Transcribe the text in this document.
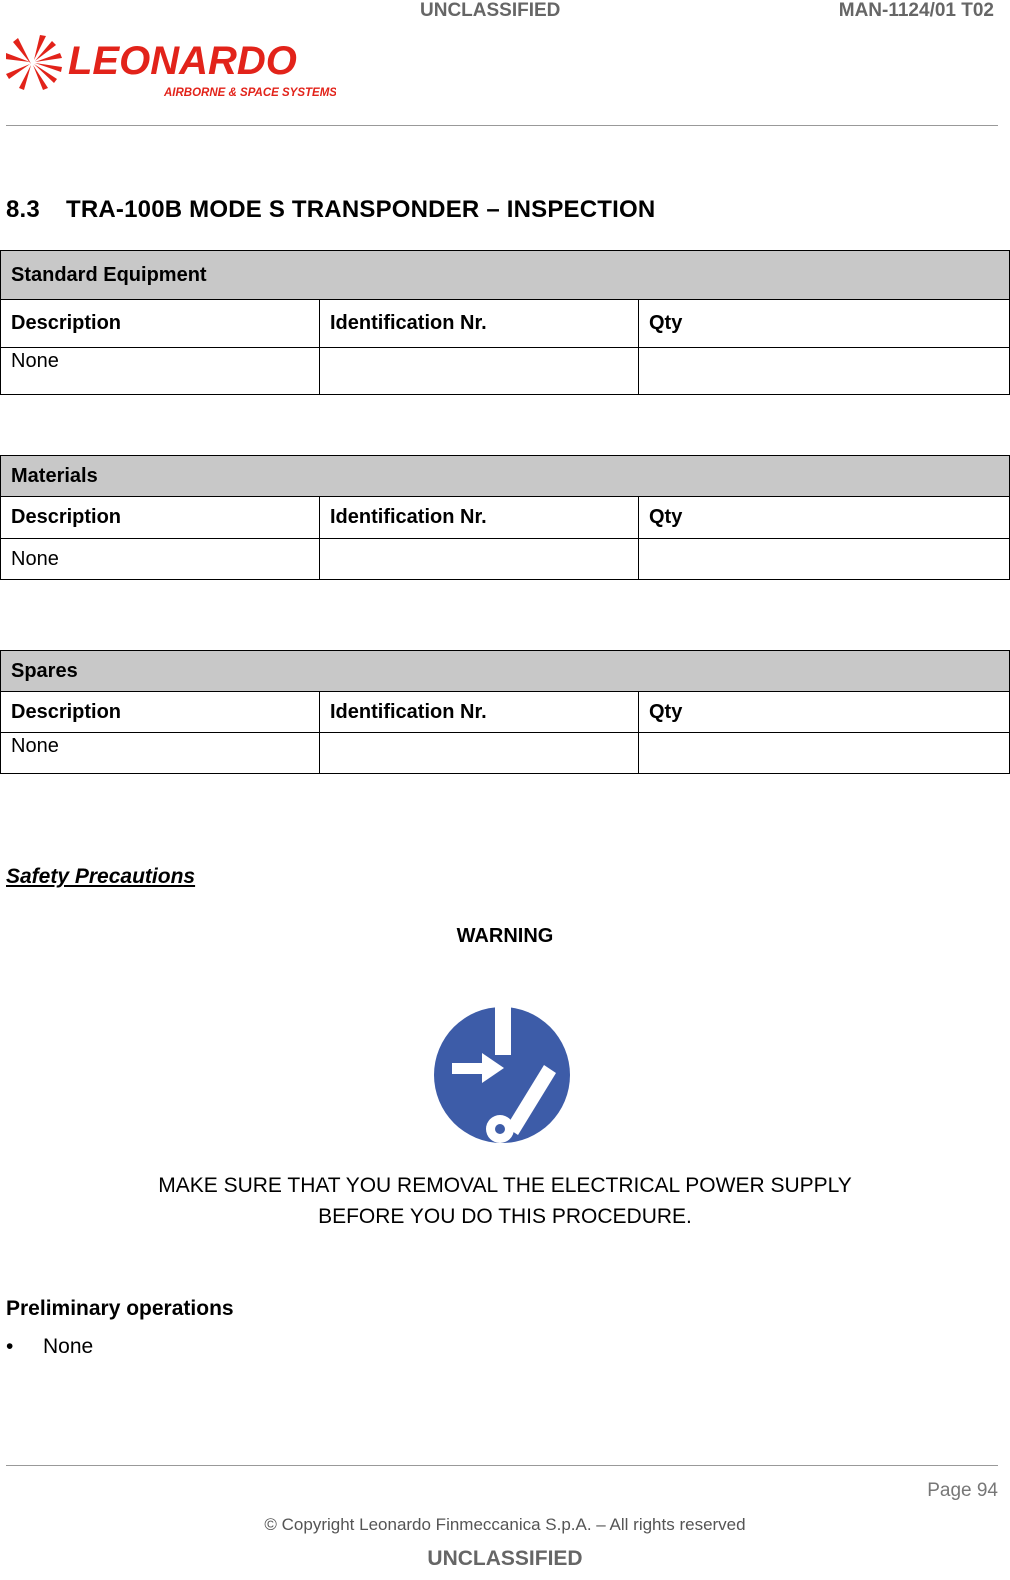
UNCLASSIFIED	MAN-1124/01 T02
LEONARDO
AIRBORNE & SPACE SYSTEMS
8.3 TRA-100B MODE S TRANSPONDER – INSPECTION
Standard Equipment		
Description	Identification Nr.	Qty
None		
Materials		
Description	Identification Nr.	Qty
None		
Spares		
Description	Identification Nr.	Qty
None		
Safety Precautions
WARNING
MAKE SURE THAT YOU REMOVAL THE ELECTRICAL POWER SUPPLY
BEFORE YOU DO THIS PROCEDURE.
Preliminary operations
• None
Page 94
© Copyright Leonardo Finmeccanica S.p.A. – All rights reserved
UNCLASSIFIED
